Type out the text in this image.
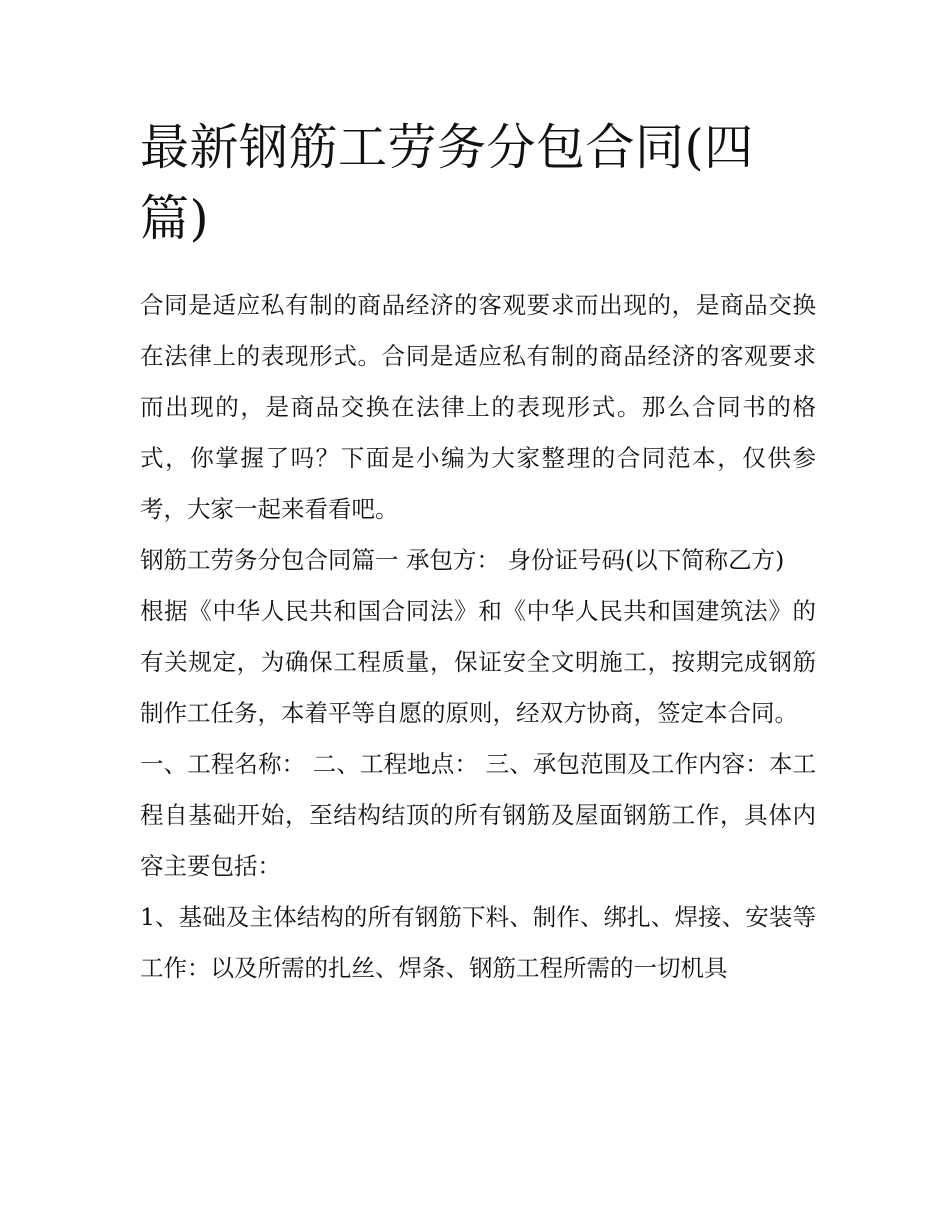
最新钢筋工劳务分包合同(四篇)

合同是适应私有制的商品经济的客观要求而出现的，是商品交换在法律上的表现形式。合同是适应私有制的商品经济的客观要求而出现的，是商品交换在法律上的表现形式。那么合同书的格式，你掌握了吗？下面是小编为大家整理的合同范本，仅供参考，大家一起来看看吧。

钢筋工劳务分包合同篇一 承包方： 身份证号码(以下简称乙方)

根据《中华人民共和国合同法》和《中华人民共和国建筑法》的有关规定，为确保工程质量，保证安全文明施工，按期完成钢筋制作工任务，本着平等自愿的原则，经双方协商，签定本合同。

一、工程名称： 二、工程地点： 三、承包范围及工作内容：本工程自基础开始，至结构结顶的所有钢筋及屋面钢筋工作，具体内容主要包括：

1、基础及主体结构的所有钢筋下料、制作、绑扎、焊接、安装等工作：以及所需的扎丝、焊条、钢筋工程所需的一切机具
